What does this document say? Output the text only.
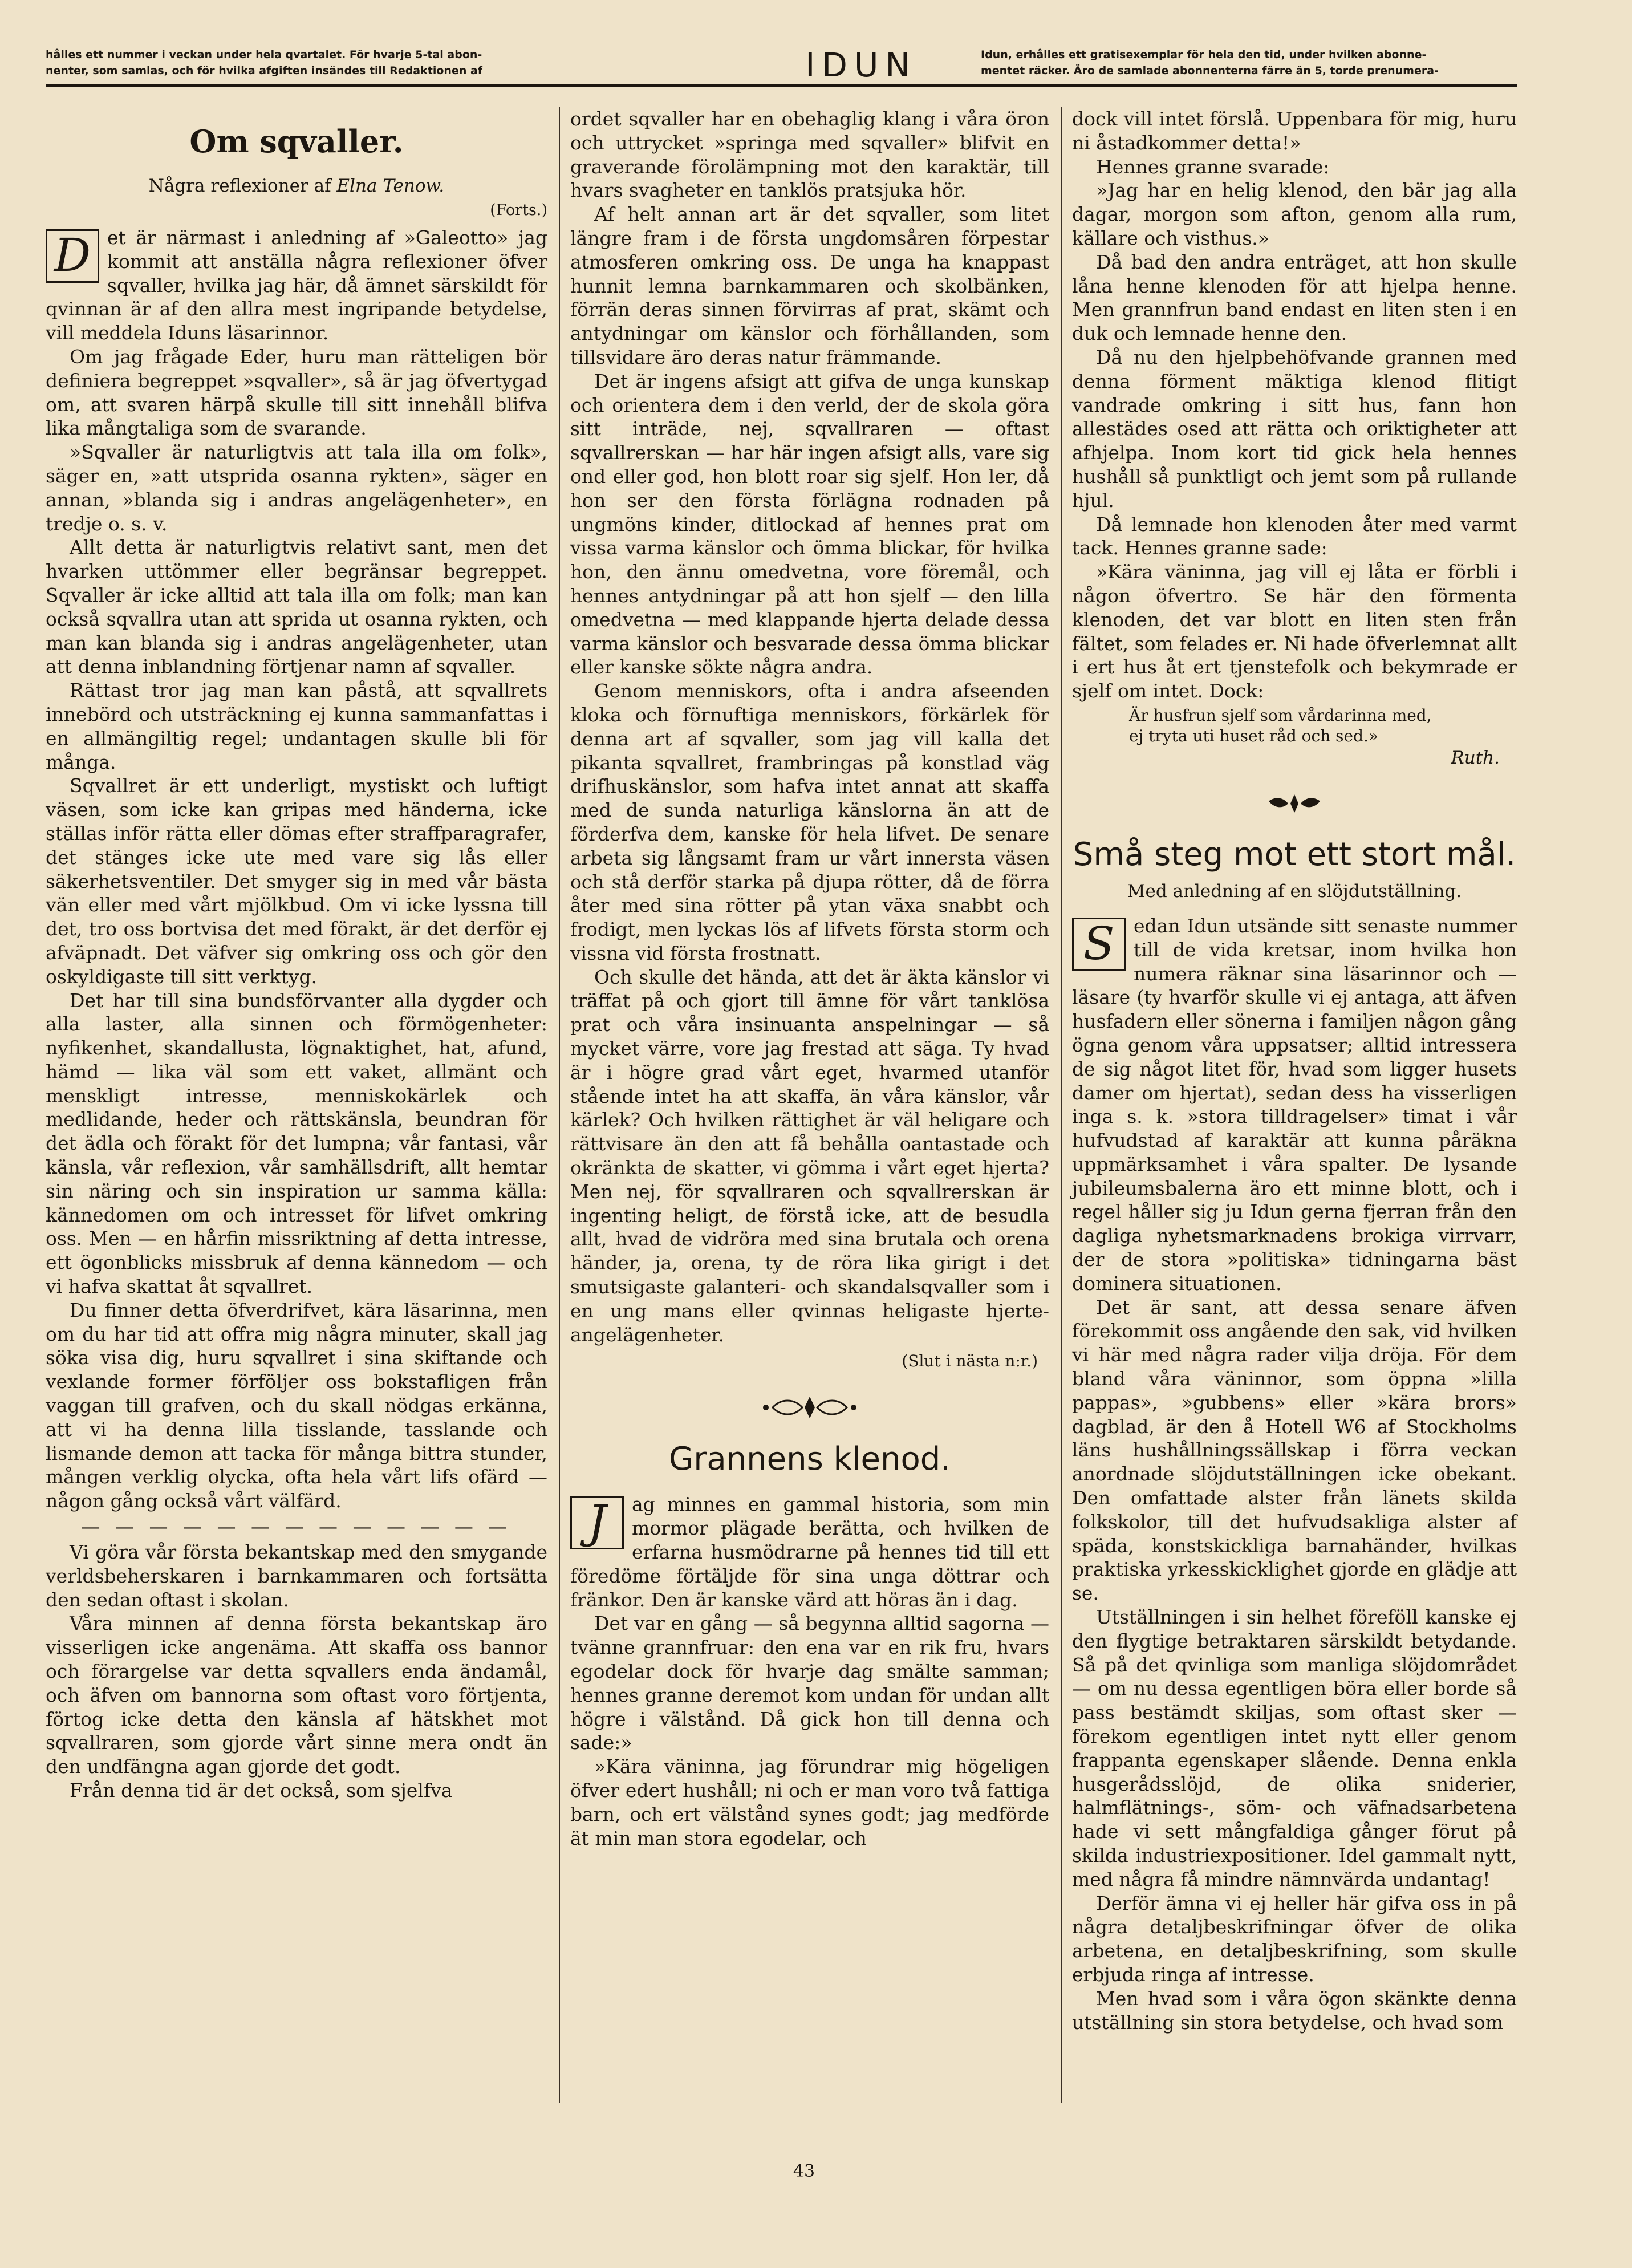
hålles ett nummer i veckan under hela qvartalet. För hvarje 5-tal abon-
nenter, som samlas, och för hvilka afgiften insändes till Redaktionen af	IDUN	Idun, erhålles ett gratisexemplar för hela den tid, under hvilken abonne-
mentet räcker. Äro de samlade abonnenterna färre än 5, torde prenumera-
Om sqvaller.
Några reflexioner af Elna Tenow.
(Forts.)

D et är närmast i anledning af »Galeotto» jag kommit att anställa några reflexioner öfver sqvaller, hvilka jag här, då ämnet särskildt för qvinnan är af den allra mest ingripande betydelse, vill meddela Iduns läsarinnor.

Om jag frågade Eder, huru man rätteligen bör definiera begreppet »sqvaller», så är jag öfvertygad om, att svaren härpå skulle till sitt innehåll blifva lika mångtaliga som de svarande.

»Sqvaller är naturligtvis att tala illa om folk», säger en, »att utsprida osanna rykten», säger en annan, »blanda sig i andras angelägenheter», en tredje o. s. v.

Allt detta är naturligtvis relativt sant, men det hvarken uttömmer eller begränsar begreppet. Sqvaller är icke alltid att tala illa om folk; man kan också sqvallra utan att sprida ut osanna rykten, och man kan blanda sig i andras angelägenheter, utan att denna inblandning förtjenar namn af sqvaller.

Rättast tror jag man kan påstå, att sqvallrets innebörd och utsträckning ej kunna sammanfattas i en allmängiltig regel; undantagen skulle bli för många.

Sqvallret är ett underligt, mystiskt och luftigt väsen, som icke kan gripas med händerna, icke ställas inför rätta eller dömas efter straffparagrafer, det stänges icke ute med vare sig lås eller säkerhetsventiler. Det smyger sig in med vår bästa vän eller med vårt mjölkbud. Om vi icke lyssna till det, tro oss bortvisa det med förakt, är det derför ej afväpnadt. Det väfver sig omkring oss och gör den oskyldigaste till sitt verktyg.

Det har till sina bundsförvanter alla dygder och alla laster, alla sinnen och förmögenheter: nyfikenhet, skandallusta, lögnaktighet, hat, afund, hämd — lika väl som ett vaket, allmänt och menskligt intresse, menniskokärlek och medlidande, heder och rättskänsla, beundran för det ädla och förakt för det lumpna; vår fantasi, vår känsla, vår reflexion, vår samhällsdrift, allt hemtar sin näring och sin inspiration ur samma källa: kännedomen om och intresset för lifvet omkring oss. Men — en hårfin missriktning af detta intresse, ett ögonblicks missbruk af denna kännedom — och vi hafva skattat åt sqvallret.

Du finner detta öfverdrifvet, kära läsarinna, men om du har tid att offra mig några minuter, skall jag söka visa dig, huru sqvallret i sina skiftande och vexlande former förföljer oss bokstafligen från vaggan till grafven, och du skall nödgas erkänna, att vi ha denna lilla tisslande, tasslande och lismande demon att tacka för många bittra stunder, mången verklig olycka, ofta hela vårt lifs ofärd — någon gång också vårt välfärd.

— — — — — — — — — — — — —

Vi göra vår första bekantskap med den smygande verldsbeherskaren i barnkammaren och fortsätta den sedan oftast i skolan.

Våra minnen af denna första bekantskap äro visserligen icke angenäma. Att skaffa oss bannor och förargelse var detta sqvallers enda ändamål, och äfven om bannorna som oftast voro förtjenta, förtog icke detta den känsla af hätskhet mot sqvallraren, som gjorde vårt sinne mera ondt än den undfängna agan gjorde det godt.

Från denna tid är det också, som sjelfva

ordet sqvaller har en obehaglig klang i våra öron och uttrycket »springa med sqvaller» blifvit en graverande förolämpning mot den karaktär, till hvars svagheter en tanklös pratsjuka hör.

Af helt annan art är det sqvaller, som litet längre fram i de första ungdomsåren förpestar atmosferen omkring oss. De unga ha knappast hunnit lemna barnkammaren och skolbänken, förrän deras sinnen förvirras af prat, skämt och antydningar om känslor och förhållanden, som tillsvidare äro deras natur främmande.

Det är ingens afsigt att gifva de unga kunskap och orientera dem i den verld, der de skola göra sitt inträde, nej, sqvallraren — oftast sqvallrerskan — har här ingen afsigt alls, vare sig ond eller god, hon blott roar sig sjelf. Hon ler, då hon ser den första förlägna rodnaden på ungmöns kinder, ditlockad af hennes prat om vissa varma känslor och ömma blickar, för hvilka hon, den ännu omedvetna, vore föremål, och hennes antydningar på att hon sjelf — den lilla omedvetna — med klappande hjerta delade dessa varma känslor och besvarade dessa ömma blickar eller kanske sökte några andra.

Genom menniskors, ofta i andra afseenden kloka och förnuftiga menniskors, förkärlek för denna art af sqvaller, som jag vill kalla det pikanta sqvallret, frambringas på konstlad väg drifhuskänslor, som hafva intet annat att skaffa med de sunda naturliga känslorna än att de förderfva dem, kanske för hela lifvet. De senare arbeta sig långsamt fram ur vårt innersta väsen och stå derför starka på djupa rötter, då de förra åter med sina rötter på ytan växa snabbt och frodigt, men lyckas lös af lifvets första storm och vissna vid första frostnatt.

Och skulle det hända, att det är äkta känslor vi träffat på och gjort till ämne för vårt tanklösa prat och våra insinuanta anspelningar — så mycket värre, vore jag frestad att säga. Ty hvad är i högre grad vårt eget, hvarmed utanför stående intet ha att skaffa, än våra känslor, vår kärlek? Och hvilken rättighet är väl heligare och rättvisare än den att få behålla oantastade och okränkta de skatter, vi gömma i vårt eget hjerta? Men nej, för sqvallraren och sqvallrerskan är ingenting heligt, de förstå icke, att de besudla allt, hvad de vidröra med sina brutala och orena händer, ja, orena, ty de röra lika girigt i det smutsigaste galanteri- och skandalsqvaller som i en ung mans eller qvinnas heligaste hjerte-angelägenheter.

(Slut i nästa n:r.)
Grannens klenod.

J	ag minnes en gammal historia, som min mormor plägade berätta, och hvilken de erfarna husmödrarne på hennes tid till ett föredöme förtäljde för sina unga döttrar och fränkor. Den är kanske värd att höras än i dag.

Det var en gång — så begynna alltid sagorna — tvänne grannfruar: den ena var en rik fru, hvars egodelar dock för hvarje dag smälte samman; hennes granne deremot kom undan för undan allt högre i välstånd. Då gick hon till denna och sade:»

»Kära väninna, jag förundrar mig högeligen öfver edert hushåll; ni och er man voro två fattiga barn, och ert välstånd synes godt; jag medförde ät min man stora egodelar, och

dock vill intet förslå. Uppenbara för mig, huru ni åstadkommer detta!»

Hennes granne svarade:

»Jag har en helig klenod, den bär jag alla dagar, morgon som afton, genom alla rum, källare och visthus.»

Då bad den andra enträget, att hon skulle låna henne klenoden för att hjelpa henne. Men grannfrun band endast en liten sten i en duk och lemnade henne den.

Då nu den hjelpbehöfvande grannen med denna förment mäktiga klenod flitigt vandrade omkring i sitt hus, fann hon allestädes osed att rätta och oriktigheter att afhjelpa. Inom kort tid gick hela hennes hushåll så punktligt och jemt som på rullande hjul.

Då lemnade hon klenoden åter med varmt tack. Hennes granne sade:

»Kära väninna, jag vill ej låta er förbli i någon öfvertro. Se här den förmenta klenoden, det var blott en liten sten från fältet, som felades er. Ni hade öfverlemnat allt i ert hus åt ert tjenstefolk och bekymrade er sjelf om intet. Dock:

Är husfrun sjelf som vårdarinna med,
ej tryta uti huset råd och sed.»
Ruth.
Små steg mot ett stort mål.
Med anledning af en slöjdutställning.

S	edan Idun utsände sitt senaste nummer till de vida kretsar, inom hvilka hon numera räknar sina läsarinnor och — läsare (ty hvarför skulle vi ej antaga, att äfven husfadern eller sönerna i familjen någon gång ögna genom våra uppsatser; alltid intressera de sig något litet för, hvad som ligger husets damer om hjertat), sedan dess ha visserligen inga s. k. »stora tilldragelser» timat i vår hufvudstad af karaktär att kunna påräkna uppmärksamhet i våra spalter. De lysande jubileumsbalerna äro ett minne blott, och i regel håller sig ju Idun gerna fjerran från den dagliga nyhetsmarknadens brokiga virrvarr, der de stora »politiska» tidningarna bäst dominera situationen.

Det är sant, att dessa senare äfven förekommit oss angående den sak, vid hvilken vi här med några rader vilja dröja. För dem bland våra väninnor, som öppna »lilla pappas», »gubbens» eller »kära brors» dagblad, är den å Hotell W6 af Stockholms läns hushållningssällskap i förra veckan anordnade slöjdutställningen icke obekant. Den omfattade alster från länets skilda folkskolor, till det hufvudsakliga alster af späda, konstskickliga barnahänder, hvilkas praktiska yrkesskicklighet gjorde en glädje att se.

Utställningen i sin helhet föreföll kanske ej den flygtige betraktaren särskildt betydande. Så på det qvinliga som manliga slöjdområdet — om nu dessa egentligen böra eller borde så pass bestämdt skiljas, som oftast sker — förekom egentligen intet nytt eller genom frappanta egenskaper slående. Denna enkla husgerådsslöjd, de olika sniderier, halmflätnings-, söm- och väfnadsarbetena hade vi sett mångfaldiga gånger förut på skilda industriexpositioner. Idel gammalt nytt, med några få mindre nämnvärda undantag!

Derför ämna vi ej heller här gifva oss in på några detaljbeskrifningar öfver de olika arbetena, en detaljbeskrifning, som skulle erbjuda ringa af intresse.

Men hvad som i våra ögon skänkte denna utställning sin stora betydelse, och hvad som

43
